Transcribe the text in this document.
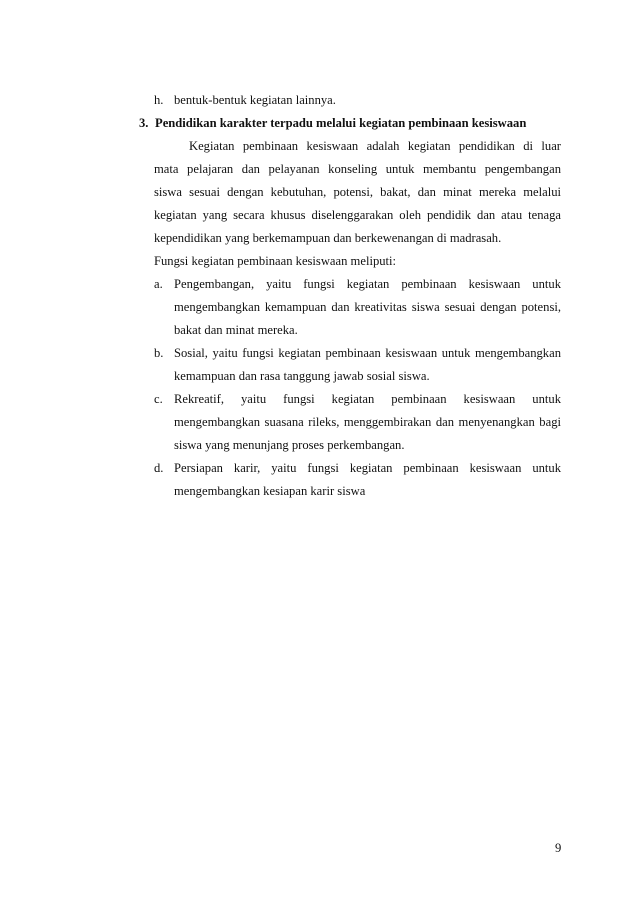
h. bentuk-bentuk kegiatan lainnya.
3. Pendidikan karakter terpadu melalui kegiatan pembinaan kesiswaan
Kegiatan pembinaan kesiswaan adalah kegiatan pendidikan di luar
mata pelajaran dan pelayanan konseling untuk membantu pengembangan
siswa sesuai dengan kebutuhan, potensi, bakat, dan minat mereka melalui
kegiatan yang secara khusus diselenggarakan oleh pendidik dan atau tenaga
kependidikan yang berkemampuan dan berkewenangan di madrasah.
Fungsi kegiatan pembinaan kesiswaan meliputi:
a. Pengembangan, yaitu fungsi kegiatan pembinaan kesiswaan untuk
mengembangkan kemampuan dan kreativitas siswa sesuai dengan potensi,
bakat dan minat mereka.
b. Sosial, yaitu fungsi kegiatan pembinaan kesiswaan untuk mengembangkan
kemampuan dan rasa tanggung jawab sosial siswa.
c. Rekreatif, yaitu fungsi kegiatan pembinaan kesiswaan untuk
mengembangkan suasana rileks, menggembirakan dan menyenangkan bagi
siswa yang menunjang proses perkembangan.
d. Persiapan karir, yaitu fungsi kegiatan pembinaan kesiswaan untuk
mengembangkan kesiapan karir siswa
9
